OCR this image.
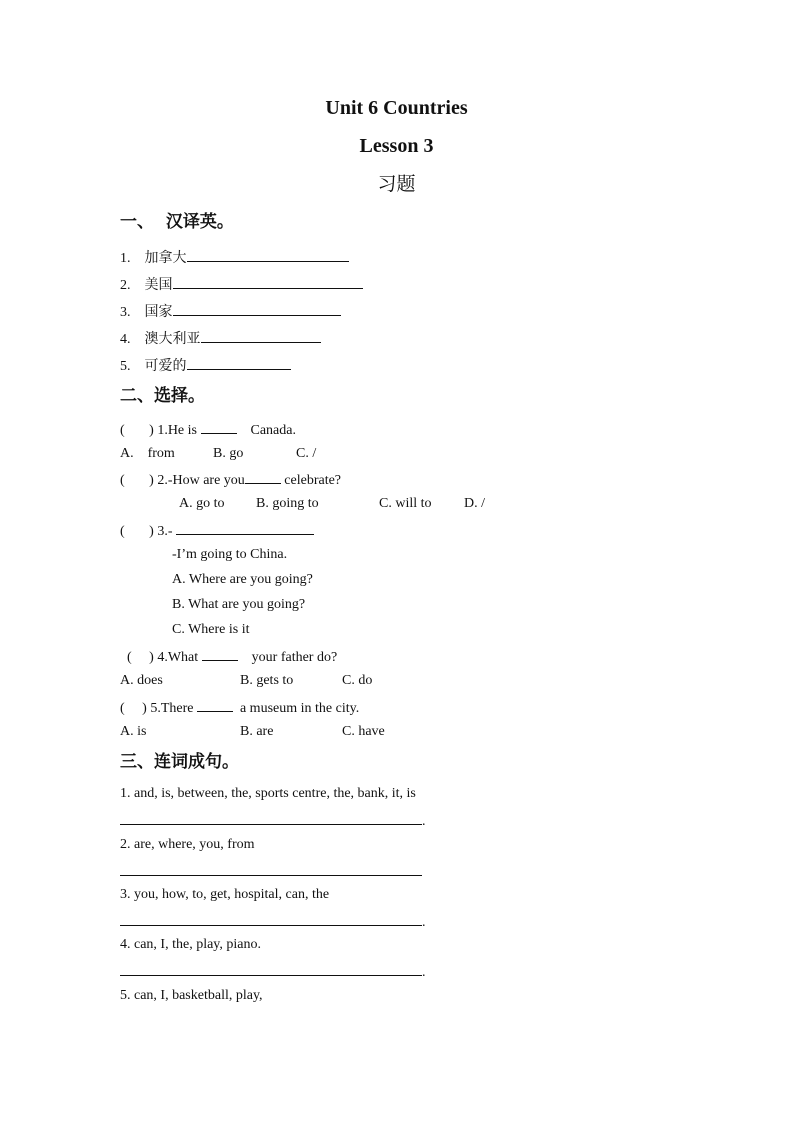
Unit 6 Countries
Lesson 3
习题
一、  汉译英。
1. 加拿大
2. 美国
3. 国家
4. 澳大利亚
5. 可爱的
二、选择。
(       ) 1.He is	Canada.
A.    from	B. go	C. /
(       ) 2.-How are you	celebrate?
A. go to B. going to	C. will to D. /
(       ) 3.-
-I’m going to China.
A. Where are you going?
B. What are you going?
C. Where is it
(     ) 4.What	your father do?
A. does	B. gets to	C. do
(     ) 5.There	a museum in the city.
A. is	B. are	C. have
三、连词成句。
1. and, is, between, the, sports centre, the, bank, it, is
.
2. are, where, you, from
3. you, how, to, get, hospital, can, the
.
4. can, I, the, play, piano.
.
5. can, I, basketball, play,
